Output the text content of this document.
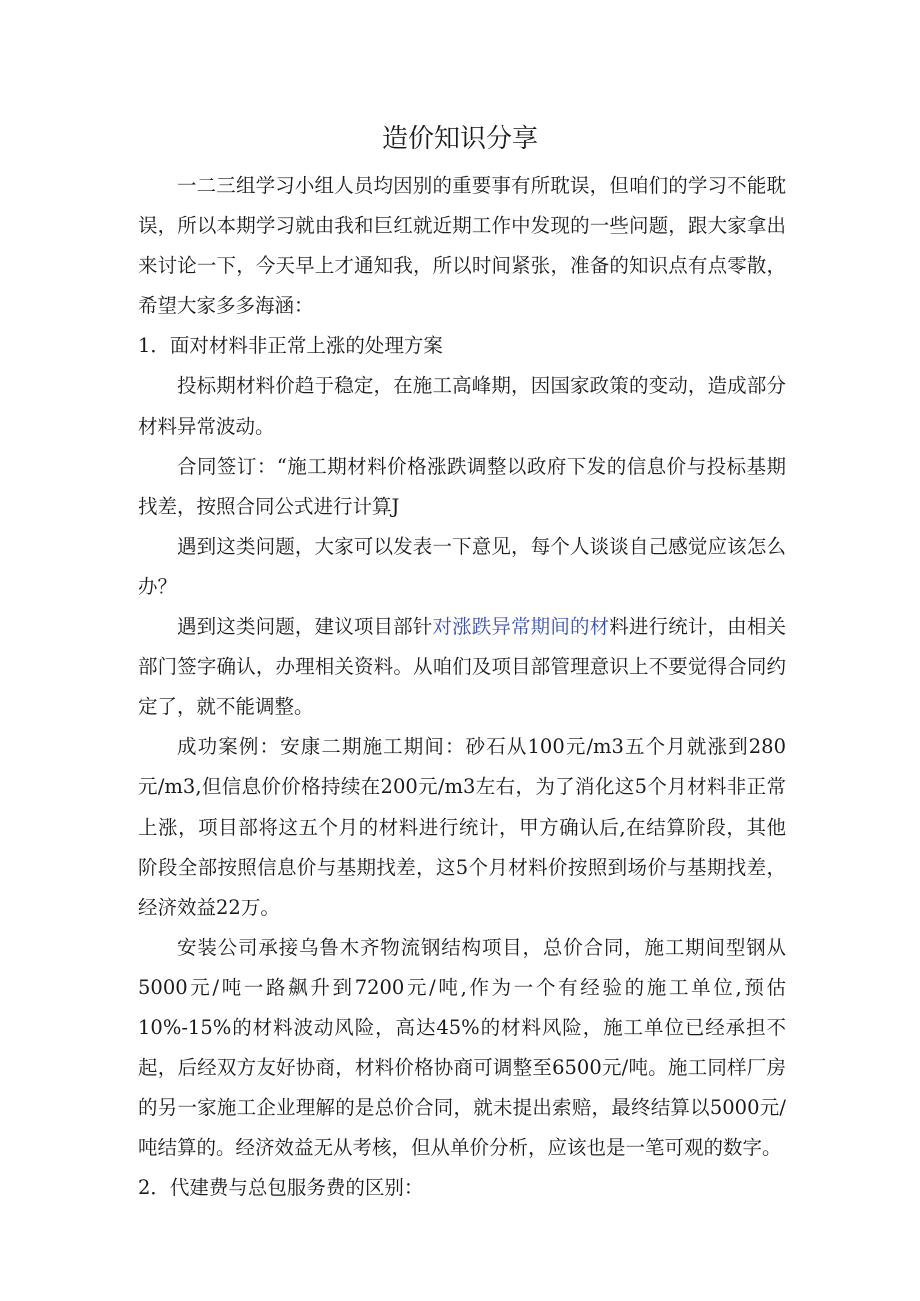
造价知识分享

一二三组学习小组人员均因别的重要事有所耽误，但咱们的学习不能耽误，所以本期学习就由我和巨红就近期工作中发现的一些问题，跟大家拿出来讨论一下，今天早上才通知我，所以时间紧张，准备的知识点有点零散，希望大家多多海涵：

1．面对材料非正常上涨的处理方案

投标期材料价趋于稳定，在施工高峰期，因国家政策的变动，造成部分材料异常波动。

合同签订：“施工期材料价格涨跌调整以政府下发的信息价与投标基期找差，按照合同公式进行计算J

遇到这类问题，大家可以发表一下意见，每个人谈谈自己感觉应该怎么办？

遇到这类问题，建议项目部针对涨跌异常期间的材料进行统计，由相关部门签字确认，办理相关资料。从咱们及项目部管理意识上不要觉得合同约定了，就不能调整。

成功案例：安康二期施工期间：砂石从100元/m3五个月就涨到280元/m3,但信息价价格持续在200元/m3左右，为了消化这5个月材料非正常上涨，项目部将这五个月的材料进行统计，甲方确认后,在结算阶段，其他阶段全部按照信息价与基期找差，这5个月材料价按照到场价与基期找差，经济效益22万。

安装公司承接乌鲁木齐物流钢结构项目，总价合同，施工期间型钢从5000元/吨一路飙升到7200元/吨,作为一个有经验的施工单位,预估10%-15%的材料波动风险，高达45%的材料风险，施工单位已经承担不起，后经双方友好协商，材料价格协商可调整至6500元/吨。施工同样厂房的另一家施工企业理解的是总价合同，就未提出索赔，最终结算以5000元/吨结算的。经济效益无从考核，但从单价分析，应该也是一笔可观的数字。

2．代建费与总包服务费的区别：
